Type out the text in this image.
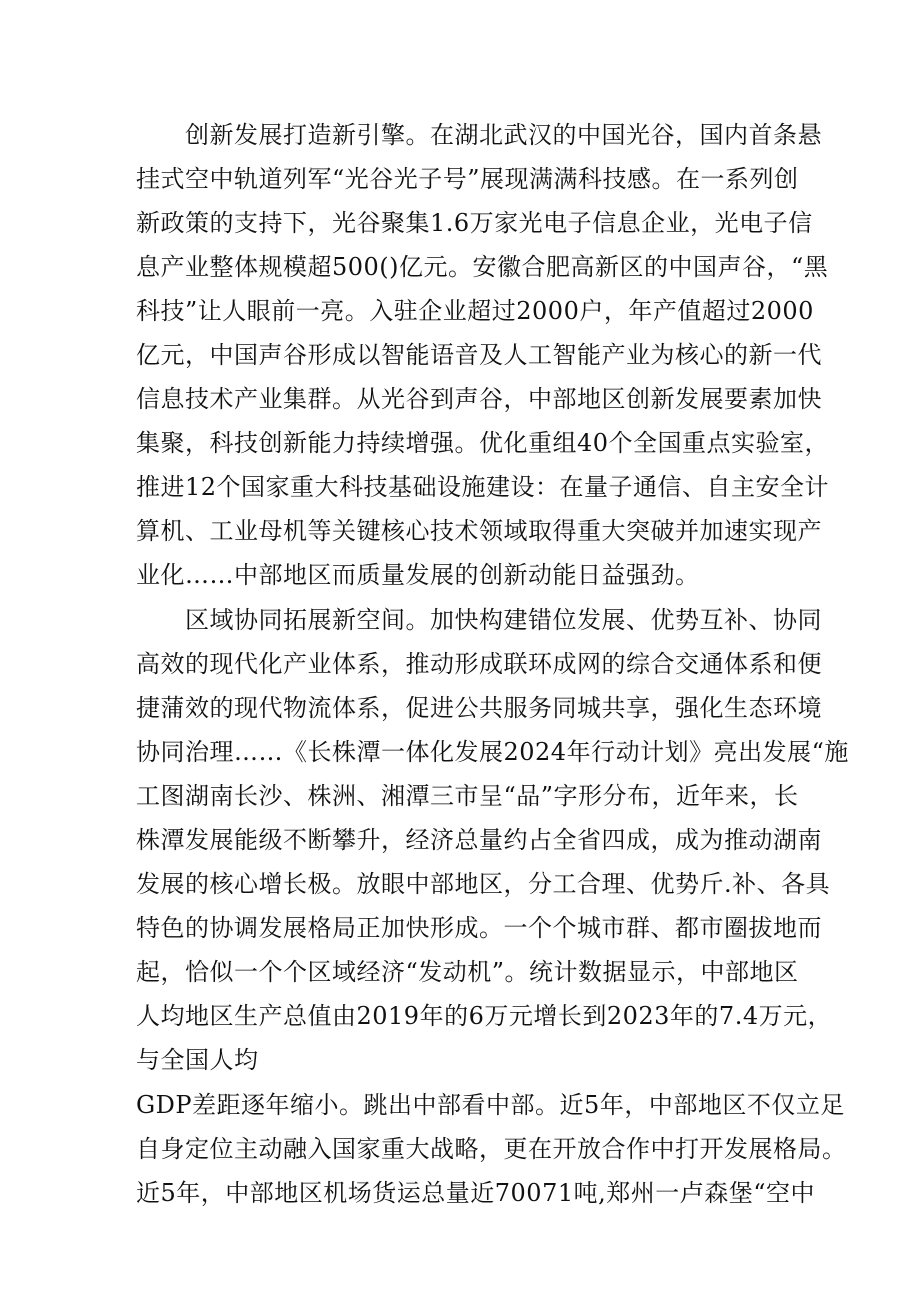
创新发展打造新引擎。在湖北武汉的中国光谷，国内首条悬
挂式空中轨道列军“光谷光子号”展现满满科技感。在一系列创
新政策的支持下，光谷聚集1.6万家光电子信息企业，光电子信
息产业整体规模超500()亿元。安徽合肥高新区的中国声谷，“黑
科技”让人眼前一亮。入驻企业超过2000户，年产值超过2000
亿元，中国声谷形成以智能语音及人工智能产业为核心的新一代
信息技术产业集群。从光谷到声谷，中部地区创新发展要素加快
集聚，科技创新能力持续增强。优化重组40个全国重点实验室，
推进12个国家重大科技基础设施建设：在量子通信、自主安全计
算机、工业母机等关键核心技术领域取得重大突破并加速实现产
业化……中部地区而质量发展的创新动能日益强劲。
区域协同拓展新空间。加快构建错位发展、优势互补、协同
高效的现代化产业体系，推动形成联环成网的综合交通体系和便
捷蒲效的现代物流体系，促进公共服务同城共享，强化生态环境
协同治理……《长株潭一体化发展2024年行动计划》亮出发展“施
工图湖南长沙、株洲、湘潭三市呈“品”字形分布，近年来，长
株潭发展能级不断攀升，经济总量约占全省四成，成为推动湖南
发展的核心增长极。放眼中部地区，分工合理、优势斤.补、各具
特色的协调发展格局正加快形成。一个个城市群、都市圈拔地而
起，恰似一个个区域经济“发动机”。统计数据显示，中部地区
人均地区生产总值由2019年的6万元增长到2023年的7.4万元，
与全国人均
GDP差距逐年缩小。跳出中部看中部。近5年，中部地区不仅立足
自身定位主动融入国家重大战略，更在开放合作中打开发展格局。
近5年，中部地区机场货运总量近70071吨,郑州一卢森堡“空中
